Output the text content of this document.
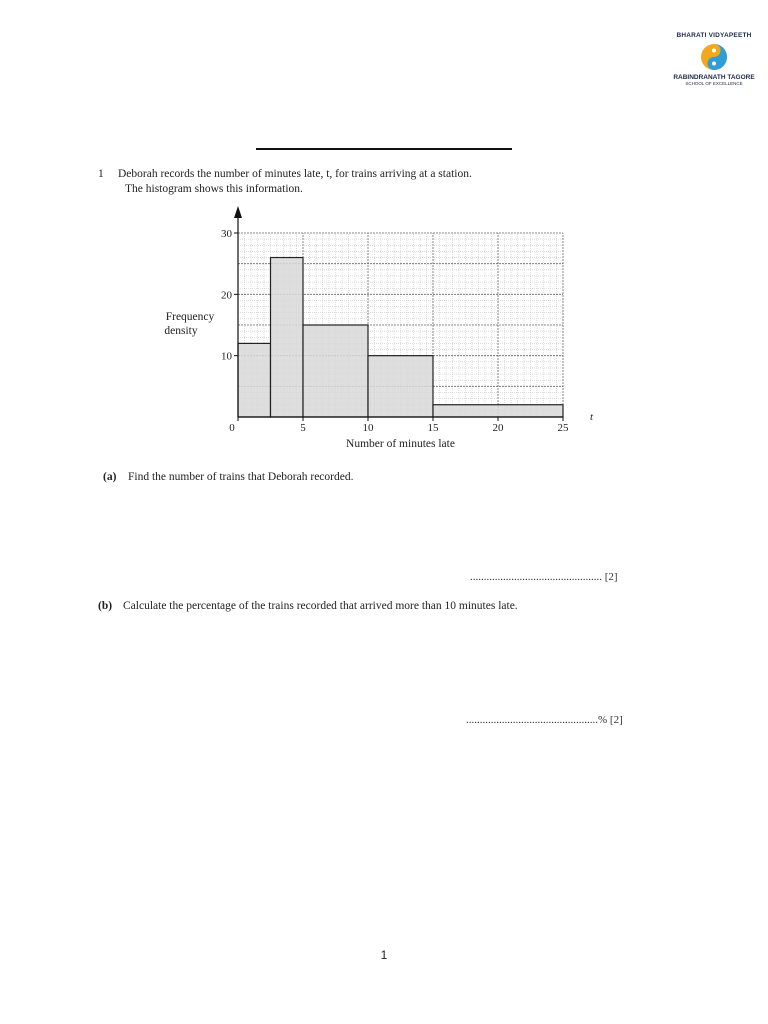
BHARATI VIDYAPEETH
RABINDRANATH TAGORE
SCHOOL OF EXCELLENCE
1 Deborah records the number of minutes late, t, for trains arriving at a station.
The histogram shows this information.
0	5	10	15	20	25
10
20
30
t
Number of minutes late
Frequency
density
(a) Find the number of trains that Deborah recorded.
................................................ [2]
(b) Calculate the percentage of the trains recorded that arrived more than 10 minutes late.
................................................% [2]
1
